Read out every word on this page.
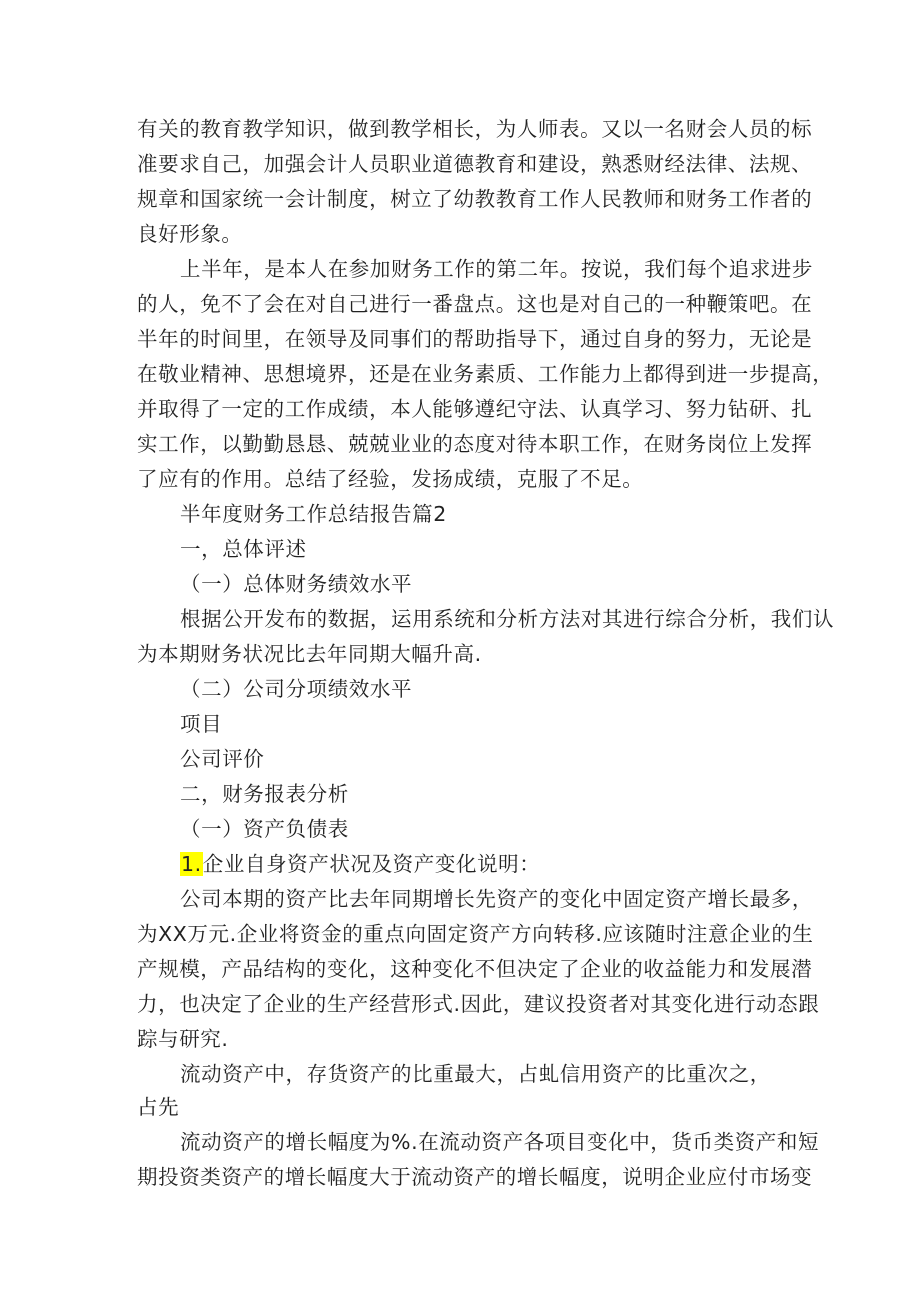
有关的教育教学知识，做到教学相长，为人师表。又以一名财会人员的标
准要求自己，加强会计人员职业道德教育和建设，熟悉财经法律、法规、
规章和国家统一会计制度，树立了幼教教育工作人民教师和财务工作者的
良好形象。
上半年，是本人在参加财务工作的第二年。按说，我们每个追求进步
的人，免不了会在对自己进行一番盘点。这也是对自己的一种鞭策吧。在
半年的时间里，在领导及同事们的帮助指导下，通过自身的努力，无论是
在敬业精神、思想境界，还是在业务素质、工作能力上都得到进一步提高，
并取得了一定的工作成绩，本人能够遵纪守法、认真学习、努力钻研、扎
实工作，以勤勤恳恳、兢兢业业的态度对待本职工作，在财务岗位上发挥
了应有的作用。总结了经验，发扬成绩，克服了不足。
半年度财务工作总结报告篇2
一，总体评述
（一）总体财务绩效水平
根据公开发布的数据，运用系统和分析方法对其进行综合分析，我们认
为本期财务状况比去年同期大幅升高.
（二）公司分项绩效水平
项目
公司评价
二，财务报表分析
（一）资产负债表
1.企业自身资产状况及资产变化说明：
公司本期的资产比去年同期增长先资产的变化中固定资产增长最多，
为XX万元.企业将资金的重点向固定资产方向转移.应该随时注意企业的生
产规模，产品结构的变化，这种变化不但决定了企业的收益能力和发展潜
力，也决定了企业的生产经营形式.因此，建议投资者对其变化进行动态跟
踪与研究.
流动资产中，存货资产的比重最大，占虬信用资产的比重次之，
占先
流动资产的增长幅度为%.在流动资产各项目变化中，货币类资产和短
期投资类资产的增长幅度大于流动资产的增长幅度，说明企业应付市场变
